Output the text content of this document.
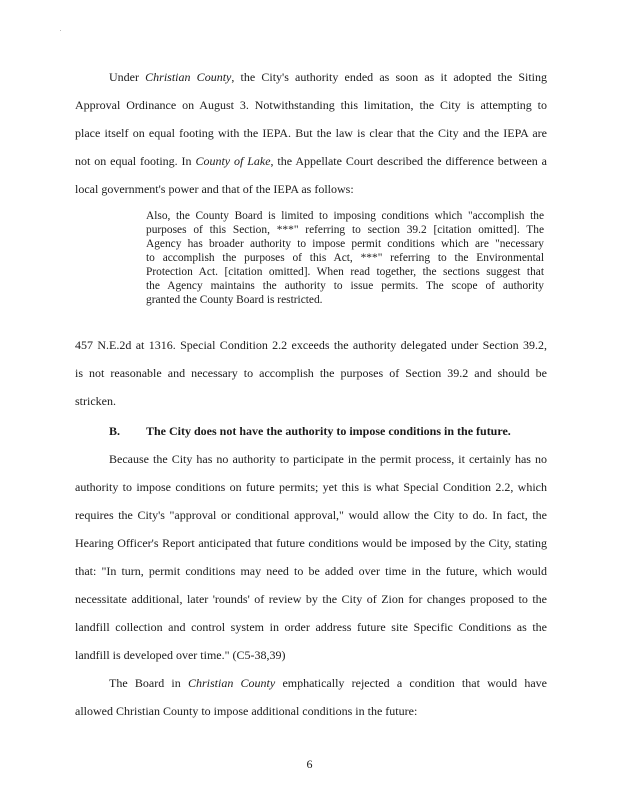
Under Christian County, the City's authority ended as soon as it adopted the Siting
Approval Ordinance on August 3. Notwithstanding this limitation, the City is attempting to
place itself on equal footing with the IEPA. But the law is clear that the City and the IEPA are
not on equal footing. In County of Lake, the Appellate Court described the difference between a
local government's power and that of the IEPA as follows:
Also, the County Board is limited to imposing conditions which "accomplish the
purposes of this Section, ***" referring to section 39.2 [citation omitted]. The
Agency has broader authority to impose permit conditions which are "necessary
to accomplish the purposes of this Act, ***" referring to the Environmental
Protection Act. [citation omitted]. When read together, the sections suggest that
the Agency maintains the authority to issue permits. The scope of authority
granted the County Board is restricted.
457 N.E.2d at 1316. Special Condition 2.2 exceeds the authority delegated under Section 39.2,
is not reasonable and necessary to accomplish the purposes of Section 39.2 and should be
stricken.
B. The City does not have the authority to impose conditions in the future.
Because the City has no authority to participate in the permit process, it certainly has no
authority to impose conditions on future permits; yet this is what Special Condition 2.2, which
requires the City's "approval or conditional approval," would allow the City to do. In fact, the
Hearing Officer's Report anticipated that future conditions would be imposed by the City, stating
that: "In turn, permit conditions may need to be added over time in the future, which would
necessitate additional, later 'rounds' of review by the City of Zion for changes proposed to the
landfill collection and control system in order address future site Specific Conditions as the
landfill is developed over time." (C5-38,39)
The Board in Christian County emphatically rejected a condition that would have
allowed Christian County to impose additional conditions in the future:
6
